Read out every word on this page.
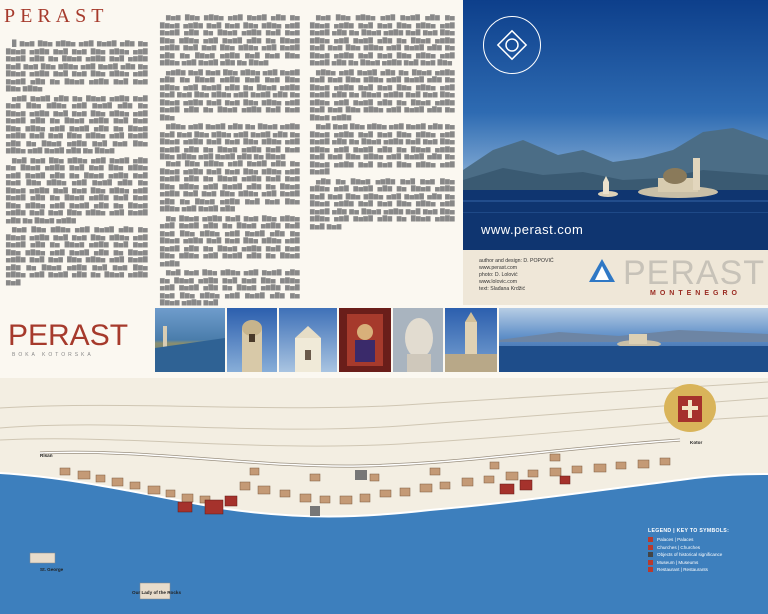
PERAST

█ ▆▅▆ ▇▆▅ ▆▇▆▅ ▅▆▇ ▆▅▆▇ ▅▇▆ ▆▅ ▇▆▅▆ ▅▆▇▆ ▆▅▇ ▆▅▆ ▇▆▅ ▆▇▆▅ ▅▆▇ ▆▅▆▇ ▅▇▆ ▆▅ ▇▆▅▆ ▅▆▇▆ ▆▅▇ ▅▆▇▆ ▆▅▇ ▆▅▆ ▇▆▅ ▆▇▆▅ ▅▆▇ ▆▅▆▇ ▅▇▆ ▆▅ ▇▆▅▆ ▅▆▇▆ ▆▅▇ ▆▅▆ ▇▆▅ ▆▇▆▅ ▅▆▇ ▆▅▆▇ ▅▇▆ ▆▅ ▇▆▅▆ ▅▆▇▆ ▆▅▇ ▆▅▆ ▇▆▅ ▆▇▆▅

▅▆▇ ▆▅▆▇ ▅▇▆ ▆▅ ▇▆▅▆ ▅▆▇▆ ▆▅▇ ▆▅▆ ▇▆▅ ▆▇▆▅ ▅▆▇ ▆▅▆▇ ▅▇▆ ▆▅ ▇▆▅▆ ▅▆▇▆ ▆▅▇ ▆▅▆ ▇▆▅ ▆▇▆▅ ▅▆▇ ▆▅▆▇ ▅▇▆ ▆▅ ▇▆▅▆ ▅▆▇▆ ▆▅▇ ▆▅▆ ▇▆▅ ▆▇▆▅ ▅▆▇ ▆▅▆▇ ▅▇▆ ▆▅ ▇▆▅▆ ▅▆▇▆ ▆▅▇ ▆▅▆ ▇▆▅ ▆▇▆▅ ▅▆▇ ▆▅▆▇ ▅▇▆ ▆▅ ▇▆▅▆ ▅▆▇▆ ▆▅▇ ▆▅▆ ▇▆▅ ▆▇▆▅ ▅▆▇ ▆▅▆▇ ▅▇▆ ▆▅ ▇▆▅▆

▆▅▇ ▆▅▆ ▇▆▅ ▆▇▆▅ ▅▆▇ ▆▅▆▇ ▅▇▆ ▆▅ ▇▆▅▆ ▅▆▇▆ ▆▅▇ ▆▅▆ ▇▆▅ ▆▇▆▅ ▅▆▇ ▆▅▆▇ ▅▇▆ ▆▅ ▇▆▅▆ ▅▆▇▆ ▆▅▇ ▆▅▆ ▇▆▅ ▆▇▆▅ ▅▆▇ ▆▅▆▇ ▅▇▆ ▆▅ ▇▆▅▆ ▅▆▇▆ ▆▅▇ ▆▅▆ ▇▆▅ ▆▇▆▅ ▅▆▇ ▆▅▆▇ ▅▇▆ ▆▅ ▇▆▅▆ ▅▆▇▆ ▆▅▇ ▆▅▆ ▇▆▅ ▆▇▆▅ ▅▆▇ ▆▅▆▇ ▅▇▆ ▆▅ ▇▆▅▆ ▅▆▇▆ ▆▅▇ ▆▅▆ ▇▆▅ ▆▇▆▅ ▅▆▇ ▆▅▆▇ ▅▇▆ ▆▅ ▇▆▅▆ ▅▆▇▆

▆▅▆ ▇▆▅ ▆▇▆▅ ▅▆▇ ▆▅▆▇ ▅▇▆ ▆▅ ▇▆▅▆ ▅▆▇▆ ▆▅▇ ▆▅▆ ▇▆▅ ▆▇▆▅ ▅▆▇ ▆▅▆▇ ▅▇▆ ▆▅ ▇▆▅▆ ▅▆▇▆ ▆▅▇ ▆▅▆ ▇▆▅ ▆▇▆▅ ▅▆▇ ▆▅▆▇ ▅▇▆ ▆▅ ▇▆▅▆ ▅▆▇▆ ▆▅▇ ▆▅▆ ▇▆▅ ▆▇▆▅ ▅▆▇ ▆▅▆▇ ▅▇▆ ▆▅ ▇▆▅▆ ▅▆▇▆ ▆▅▇ ▆▅▆ ▇▆▅ ▆▇▆▅ ▅▆▇ ▆▅▆▇ ▅▇▆ ▆▅ ▇▆▅▆ ▅▆▇▆ ▆▅▇

▆▅▆ ▇▆▅ ▆▇▆▅ ▅▆▇ ▆▅▆▇ ▅▇▆ ▆▅ ▇▆▅▆ ▅▆▇▆ ▆▅▇ ▆▅▆ ▇▆▅ ▆▇▆▅ ▅▆▇ ▆▅▆▇ ▅▇▆ ▆▅ ▇▆▅▆ ▅▆▇▆ ▆▅▇ ▆▅▆ ▇▆▅ ▆▇▆▅ ▅▆▇ ▆▅▆▇ ▅▇▆ ▆▅ ▇▆▅▆ ▅▆▇▆ ▆▅▇ ▆▅▆ ▇▆▅ ▆▇▆▅ ▅▆▇ ▆▅▆▇ ▅▇▆ ▆▅ ▇▆▅▆ ▅▆▇▆ ▆▅▇ ▆▅▆ ▇▆▅ ▆▇▆▅ ▅▆▇ ▆▅▆▇ ▅▇▆ ▆▅ ▇▆▅▆

▅▆▇▆ ▆▅▇ ▆▅▆ ▇▆▅ ▆▇▆▅ ▅▆▇ ▆▅▆▇ ▅▇▆ ▆▅ ▇▆▅▆ ▅▆▇▆ ▆▅▇ ▆▅▆ ▇▆▅ ▆▇▆▅ ▅▆▇ ▆▅▆▇ ▅▇▆ ▆▅ ▇▆▅▆ ▅▆▇▆ ▆▅▇ ▆▅▆ ▇▆▅ ▆▇▆▅ ▅▆▇ ▆▅▆▇ ▅▇▆ ▆▅ ▇▆▅▆ ▅▆▇▆ ▆▅▇ ▆▅▆ ▇▆▅ ▆▇▆▅ ▅▆▇ ▆▅▆▇ ▅▇▆ ▆▅ ▇▆▅▆ ▅▆▇▆ ▆▅▇ ▆▅▆ ▇▆▅

▆▇▆▅ ▅▆▇ ▆▅▆▇ ▅▇▆ ▆▅ ▇▆▅▆ ▅▆▇▆ ▆▅▇ ▆▅▆ ▇▆▅ ▆▇▆▅ ▅▆▇ ▆▅▆▇ ▅▇▆ ▆▅ ▇▆▅▆ ▅▆▇▆ ▆▅▇ ▆▅▆ ▇▆▅ ▆▇▆▅ ▅▆▇ ▆▅▆▇ ▅▇▆ ▆▅ ▇▆▅▆ ▅▆▇▆ ▆▅▇ ▆▅▆ ▇▆▅ ▆▇▆▅ ▅▆▇ ▆▅▆▇ ▅▇▆ ▆▅ ▇▆▅▆

▆▅▆ ▇▆▅ ▆▇▆▅ ▅▆▇ ▆▅▆▇ ▅▇▆ ▆▅ ▇▆▅▆ ▅▆▇▆ ▆▅▇ ▆▅▆ ▇▆▅ ▆▇▆▅ ▅▆▇ ▆▅▆▇ ▅▇▆ ▆▅ ▇▆▅▆ ▅▆▇▆ ▆▅▇ ▆▅▆ ▇▆▅ ▆▇▆▅ ▅▆▇ ▆▅▆▇ ▅▇▆ ▆▅ ▇▆▅▆ ▅▆▇▆ ▆▅▇ ▆▅▆ ▇▆▅ ▆▇▆▅ ▅▆▇ ▆▅▆▇ ▅▇▆ ▆▅ ▇▆▅▆ ▅▆▇▆ ▆▅▇ ▆▅▆ ▇▆▅ ▆▇▆▅ ▅▆▇ ▆▅▆▇ ▅▇▆

▆▅ ▇▆▅▆ ▅▆▇▆ ▆▅▇ ▆▅▆ ▇▆▅ ▆▇▆▅ ▅▆▇ ▆▅▆▇ ▅▇▆ ▆▅ ▇▆▅▆ ▅▆▇▆ ▆▅▇ ▆▅▆ ▇▆▅ ▆▇▆▅ ▅▆▇ ▆▅▆▇ ▅▇▆ ▆▅ ▇▆▅▆ ▅▆▇▆ ▆▅▇ ▆▅▆ ▇▆▅ ▆▇▆▅ ▅▆▇ ▆▅▆▇ ▅▇▆ ▆▅ ▇▆▅▆ ▅▆▇▆ ▆▅▇ ▆▅▆ ▇▆▅ ▆▇▆▅ ▅▆▇ ▆▅▆▇ ▅▇▆ ▆▅ ▇▆▅▆ ▅▆▇▆

▆▅▇ ▆▅▆ ▇▆▅ ▆▇▆▅ ▅▆▇ ▆▅▆▇ ▅▇▆ ▆▅ ▇▆▅▆ ▅▆▇▆ ▆▅▇ ▆▅▆ ▇▆▅ ▆▇▆▅ ▅▆▇ ▆▅▆▇ ▅▇▆ ▆▅ ▇▆▅▆ ▅▆▇▆ ▆▅▇ ▆▅▆ ▇▆▅ ▆▇▆▅ ▅▆▇ ▆▅▆▇ ▅▇▆ ▆▅ ▇▆▅▆ ▅▆▇▆ ▆▅▇

▆▅▆ ▇▆▅ ▆▇▆▅ ▅▆▇ ▆▅▆▇ ▅▇▆ ▆▅ ▇▆▅▆ ▅▆▇▆ ▆▅▇ ▆▅▆ ▇▆▅ ▆▇▆▅ ▅▆▇ ▆▅▆▇ ▅▇▆ ▆▅ ▇▆▅▆ ▅▆▇▆ ▆▅▇ ▆▅▆ ▇▆▅ ▆▇▆▅ ▅▆▇ ▆▅▆▇ ▅▇▆ ▆▅ ▇▆▅▆ ▅▆▇▆ ▆▅▇ ▆▅▆ ▇▆▅ ▆▇▆▅ ▅▆▇ ▆▅▆▇ ▅▇▆ ▆▅ ▇▆▅▆ ▅▆▇▆ ▆▅▇ ▆▅▆ ▇▆▅ ▆▇▆▅ ▅▆▇ ▆▅▆▇ ▅▇▆ ▆▅ ▇▆▅▆ ▅▆▇▆ ▆▅▇ ▆▅▆ ▇▆▅

▆▇▆▅ ▅▆▇ ▆▅▆▇ ▅▇▆ ▆▅ ▇▆▅▆ ▅▆▇▆ ▆▅▇ ▆▅▆ ▇▆▅ ▆▇▆▅ ▅▆▇ ▆▅▆▇ ▅▇▆ ▆▅ ▇▆▅▆ ▅▆▇▆ ▆▅▇ ▆▅▆ ▇▆▅ ▆▇▆▅ ▅▆▇ ▆▅▆▇ ▅▇▆ ▆▅ ▇▆▅▆ ▅▆▇▆ ▆▅▇ ▆▅▆ ▇▆▅ ▆▇▆▅ ▅▆▇ ▆▅▆▇ ▅▇▆ ▆▅ ▇▆▅▆ ▅▆▇▆ ▆▅▇ ▆▅▆ ▇▆▅ ▆▇▆▅ ▅▆▇ ▆▅▆▇ ▅▇▆ ▆▅ ▇▆▅▆ ▅▆▇▆

▆▅▇ ▆▅▆ ▇▆▅ ▆▇▆▅ ▅▆▇ ▆▅▆▇ ▅▇▆ ▆▅ ▇▆▅▆ ▅▆▇▆ ▆▅▇ ▆▅▆ ▇▆▅ ▆▇▆▅ ▅▆▇ ▆▅▆▇ ▅▇▆ ▆▅ ▇▆▅▆ ▅▆▇▆ ▆▅▇ ▆▅▆ ▇▆▅ ▆▇▆▅ ▅▆▇ ▆▅▆▇ ▅▇▆ ▆▅ ▇▆▅▆ ▅▆▇▆ ▆▅▇ ▆▅▆ ▇▆▅ ▆▇▆▅ ▅▆▇ ▆▅▆▇ ▅▇▆ ▆▅ ▇▆▅▆ ▅▆▇▆ ▆▅▇ ▆▅▆ ▇▆▅ ▆▇▆▅ ▅▆▇ ▆▅▆▇

▅▇▆ ▆▅ ▇▆▅▆ ▅▆▇▆ ▆▅▇ ▆▅▆ ▇▆▅ ▆▇▆▅ ▅▆▇ ▆▅▆▇ ▅▇▆ ▆▅ ▇▆▅▆ ▅▆▇▆ ▆▅▇ ▆▅▆ ▇▆▅ ▆▇▆▅ ▅▆▇ ▆▅▆▇ ▅▇▆ ▆▅ ▇▆▅▆ ▅▆▇▆ ▆▅▇ ▆▅▆ ▇▆▅ ▆▇▆▅ ▅▆▇ ▆▅▆▇ ▅▇▆ ▆▅ ▇▆▅▆ ▅▆▇▆ ▆▅▇ ▆▅▆ ▇▆▅ ▆▇▆▅ ▅▆▇ ▆▅▆▇ ▅▇▆ ▆▅ ▇▆▅▆ ▅▆▇▆ ▆▅▇ ▆▅▆	www.perast.com
author and design: D. POPOVIĆ
www.perast.com
photo: D. Lolović
www.lolovic.com
text: Slađana Krdžić	PERAST
MONTENEGRO
PERAST
BOKA KOTORSKA
Risan
Kotor
St. George
Our Lady of the Rocks
LEGEND | KEY TO SYMBOLS:
Palaces | Palaces
Churches | Churches
Objects of historical significance
Museum | Museums
Restaurant | Restaurants
